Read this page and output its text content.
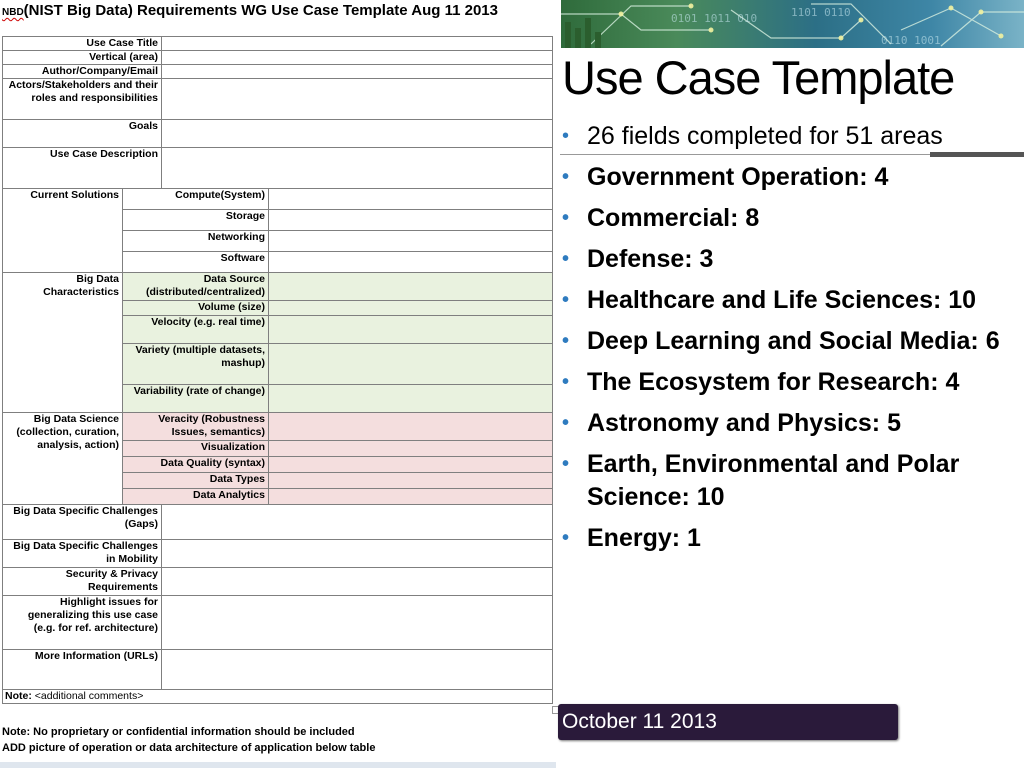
NBD(NIST Big Data) Requirements WG Use Case Template Aug 11 2013
Use Case Title			
Vertical (area)			
Author/Company/Email			
Actors/Stakeholders and their roles and responsibilities			
Goals			
Use Case Description			
Current Solutions	Compute(System)		
	Storage		
	Networking		
	Software		
Big Data Characteristics	Data Source (distributed/centralized)		
	Volume (size)		
	Velocity (e.g. real time)		
	Variety (multiple datasets, mashup)		
	Variability (rate of change)		
Big Data Science (collection, curation, analysis, action)	Veracity (Robustness Issues, semantics)		
	Visualization		
	Data Quality (syntax)		
	Data Types		
	Data Analytics		
Big Data Specific Challenges (Gaps)			
Big Data Specific Challenges in Mobility			
Security & Privacy Requirements			
Highlight issues for generalizing this use case (e.g. for ref. architecture)			
More Information (URLs)			
Note: <additional comments>			
Note: No proprietary or confidential information should be included
ADD picture of operation or data architecture of application below table
0101 1011 010	1101 0110
0110 1001
Use Case Template
• 26 fields completed for 51 areas
• Government Operation: 4
• Commercial: 8
• Defense: 3
• Healthcare and Life Sciences: 10
• Deep Learning and Social Media: 6
• The Ecosystem for Research: 4
• Astronomy and Physics: 5
• Earth, Environmental and Polar Science: 10
• Energy: 1
October 11 2013
